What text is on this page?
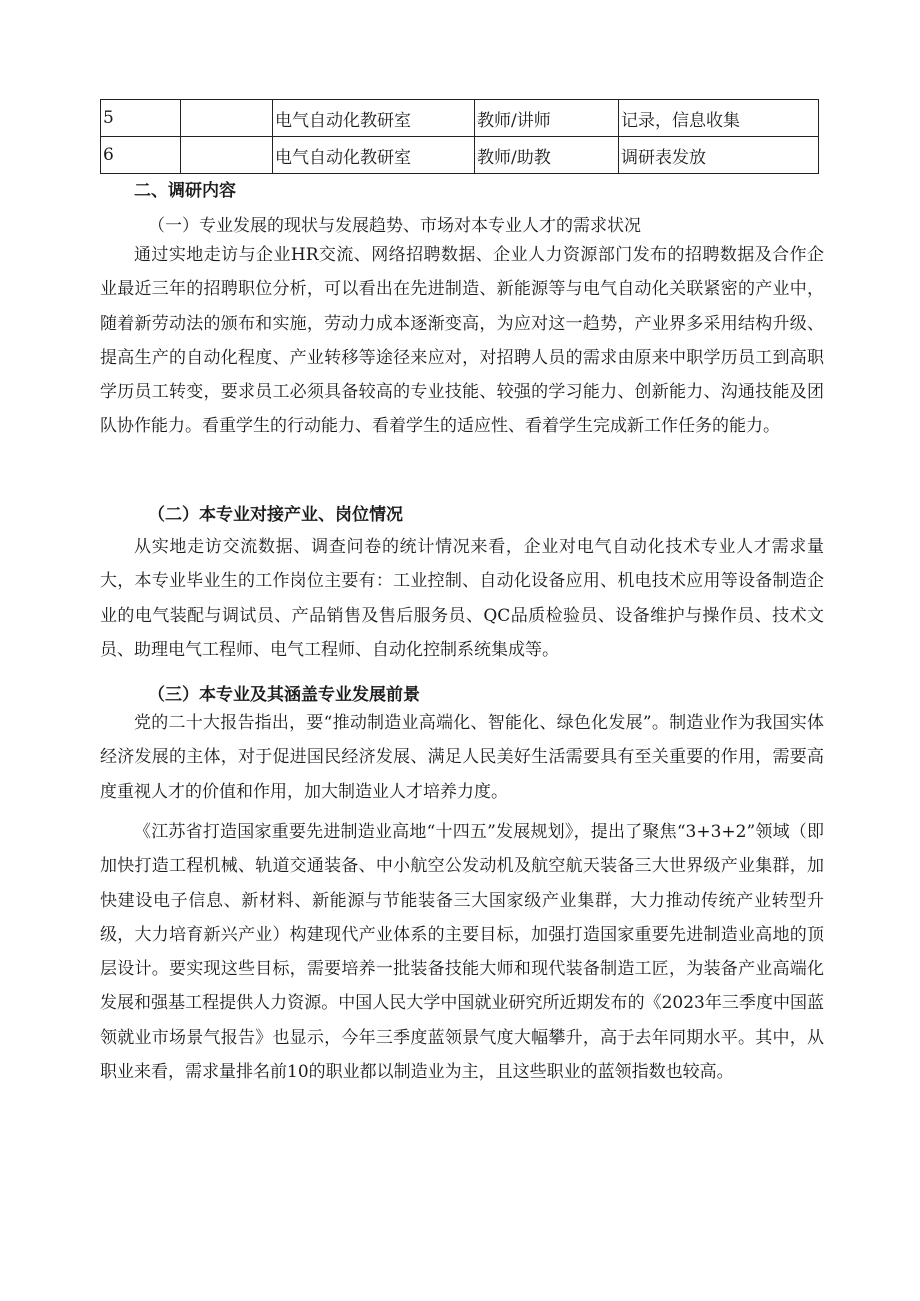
5		电气自动化教研室	教师/讲师	记录，信息收集
6		电气自动化教研室	教师/助教	调研表发放
二、调研内容
（一）专业发展的现状与发展趋势、市场对本专业人才的需求状况

通过实地走访与企业HR交流、网络招聘数据、企业人力资源部门发布的招聘数据及合作企业最近三年的招聘职位分析，可以看出在先进制造、新能源等与电气自动化关联紧密的产业中，随着新劳动法的颁布和实施，劳动力成本逐渐变高，为应对这一趋势，产业界多采用结构升级、提高生产的自动化程度、产业转移等途径来应对，对招聘人员的需求由原来中职学历员工到高职学历员工转变，要求员工必须具备较高的专业技能、较强的学习能力、创新能力、沟通技能及团队协作能力。看重学生的行动能力、看着学生的适应性、看着学生完成新工作任务的能力。

（二）本专业对接产业、岗位情况

从实地走访交流数据、调查问卷的统计情况来看，企业对电气自动化技术专业人才需求量大，本专业毕业生的工作岗位主要有：工业控制、自动化设备应用、机电技术应用等设备制造企业的电气装配与调试员、产品销售及售后服务员、QC品质检验员、设备维护与操作员、技术文员、助理电气工程师、电气工程师、自动化控制系统集成等。

（三）本专业及其涵盖专业发展前景

党的二十大报告指出，要“推动制造业高端化、智能化、绿色化发展”。制造业作为我国实体经济发展的主体，对于促进国民经济发展、满足人民美好生活需要具有至关重要的作用，需要高度重视人才的价值和作用，加大制造业人才培养力度。

《江苏省打造国家重要先进制造业高地“十四五”发展规划》，提出了聚焦“3+3+2”领域（即加快打造工程机械、轨道交通装备、中小航空公发动机及航空航天装备三大世界级产业集群，加快建设电子信息、新材料、新能源与节能装备三大国家级产业集群，大力推动传统产业转型升级，大力培育新兴产业）构建现代产业体系的主要目标，加强打造国家重要先进制造业高地的顶层设计。要实现这些目标，需要培养一批装备技能大师和现代装备制造工匠，为装备产业高端化发展和强基工程提供人力资源。中国人民大学中国就业研究所近期发布的《2023年三季度中国蓝领就业市场景气报告》也显示，今年三季度蓝领景气度大幅攀升，高于去年同期水平。其中，从职业来看，需求量排名前10的职业都以制造业为主，且这些职业的蓝领指数也较高。
